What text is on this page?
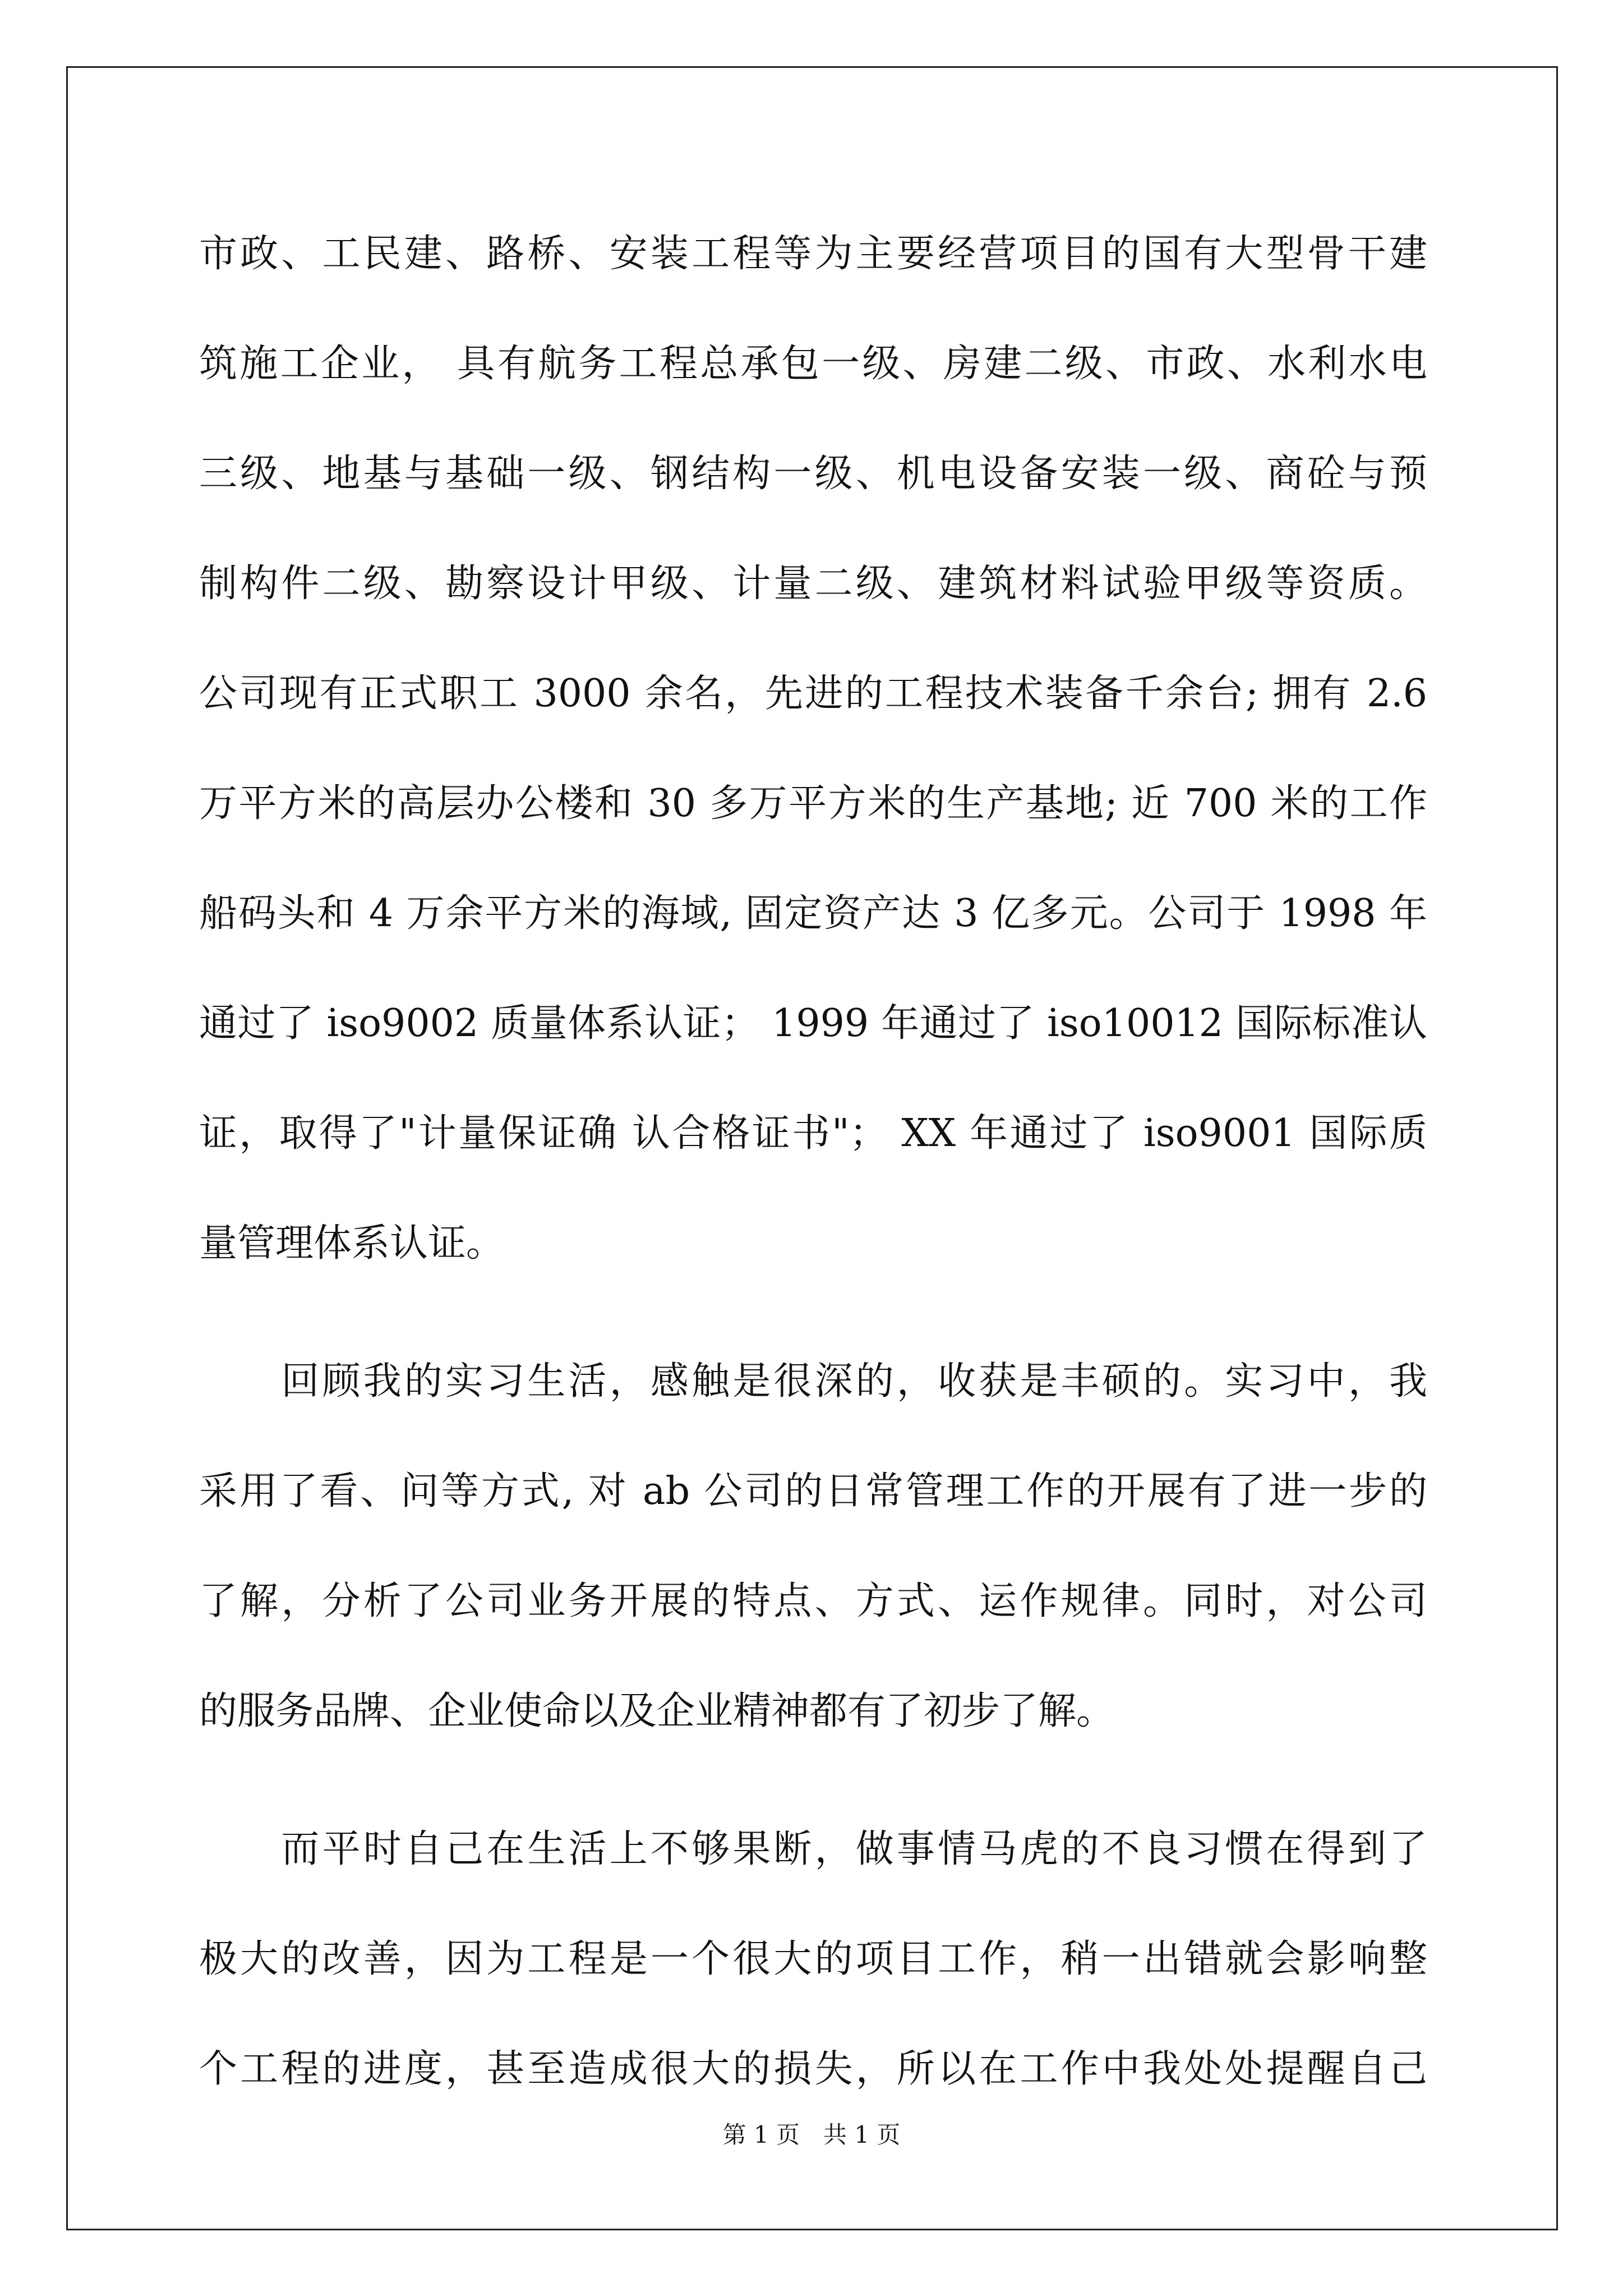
市政、工民建、路桥、安装工程等为主要经营项目的国有大型骨干建
筑施工企业， 具有航务工程总承包一级、房建二级、市政、水利水电
三级、地基与基础一级、钢结构一级、机电设备安装一级、商砼与预
制构件二级、勘察设计甲级、计量二级、建筑材料试验甲级等资质。
公司现有正式职工 3000 余名，先进的工程技术装备千余台; 拥有 2.6
万平方米的高层办公楼和 30 多万平方米的生产基地; 近 700 米的工作
船码头和 4 万余平方米的海域, 固定资产达 3 亿多元。公司于 1998 年
通过了 iso9002 质量体系认证； 1999 年通过了 iso10012 国际标准认
证，取得了"计量保证确 认合格证书"； XX 年通过了 iso9001 国际质
量管理体系认证。
　　回顾我的实习生活，感触是很深的，收获是丰硕的。实习中，我
采用了看、问等方式, 对 ab 公司的日常管理工作的开展有了进一步的
了解，分析了公司业务开展的特点、方式、运作规律。同时，对公司
的服务品牌、企业使命以及企业精神都有了初步了解。
　　而平时自己在生活上不够果断，做事情马虎的不良习惯在得到了
极大的改善，因为工程是一个很大的项目工作，稍一出错就会影响整
个工程的进度，甚至造成很大的损失，所以在工作中我处处提醒自己
第 1 页　共 1 页
